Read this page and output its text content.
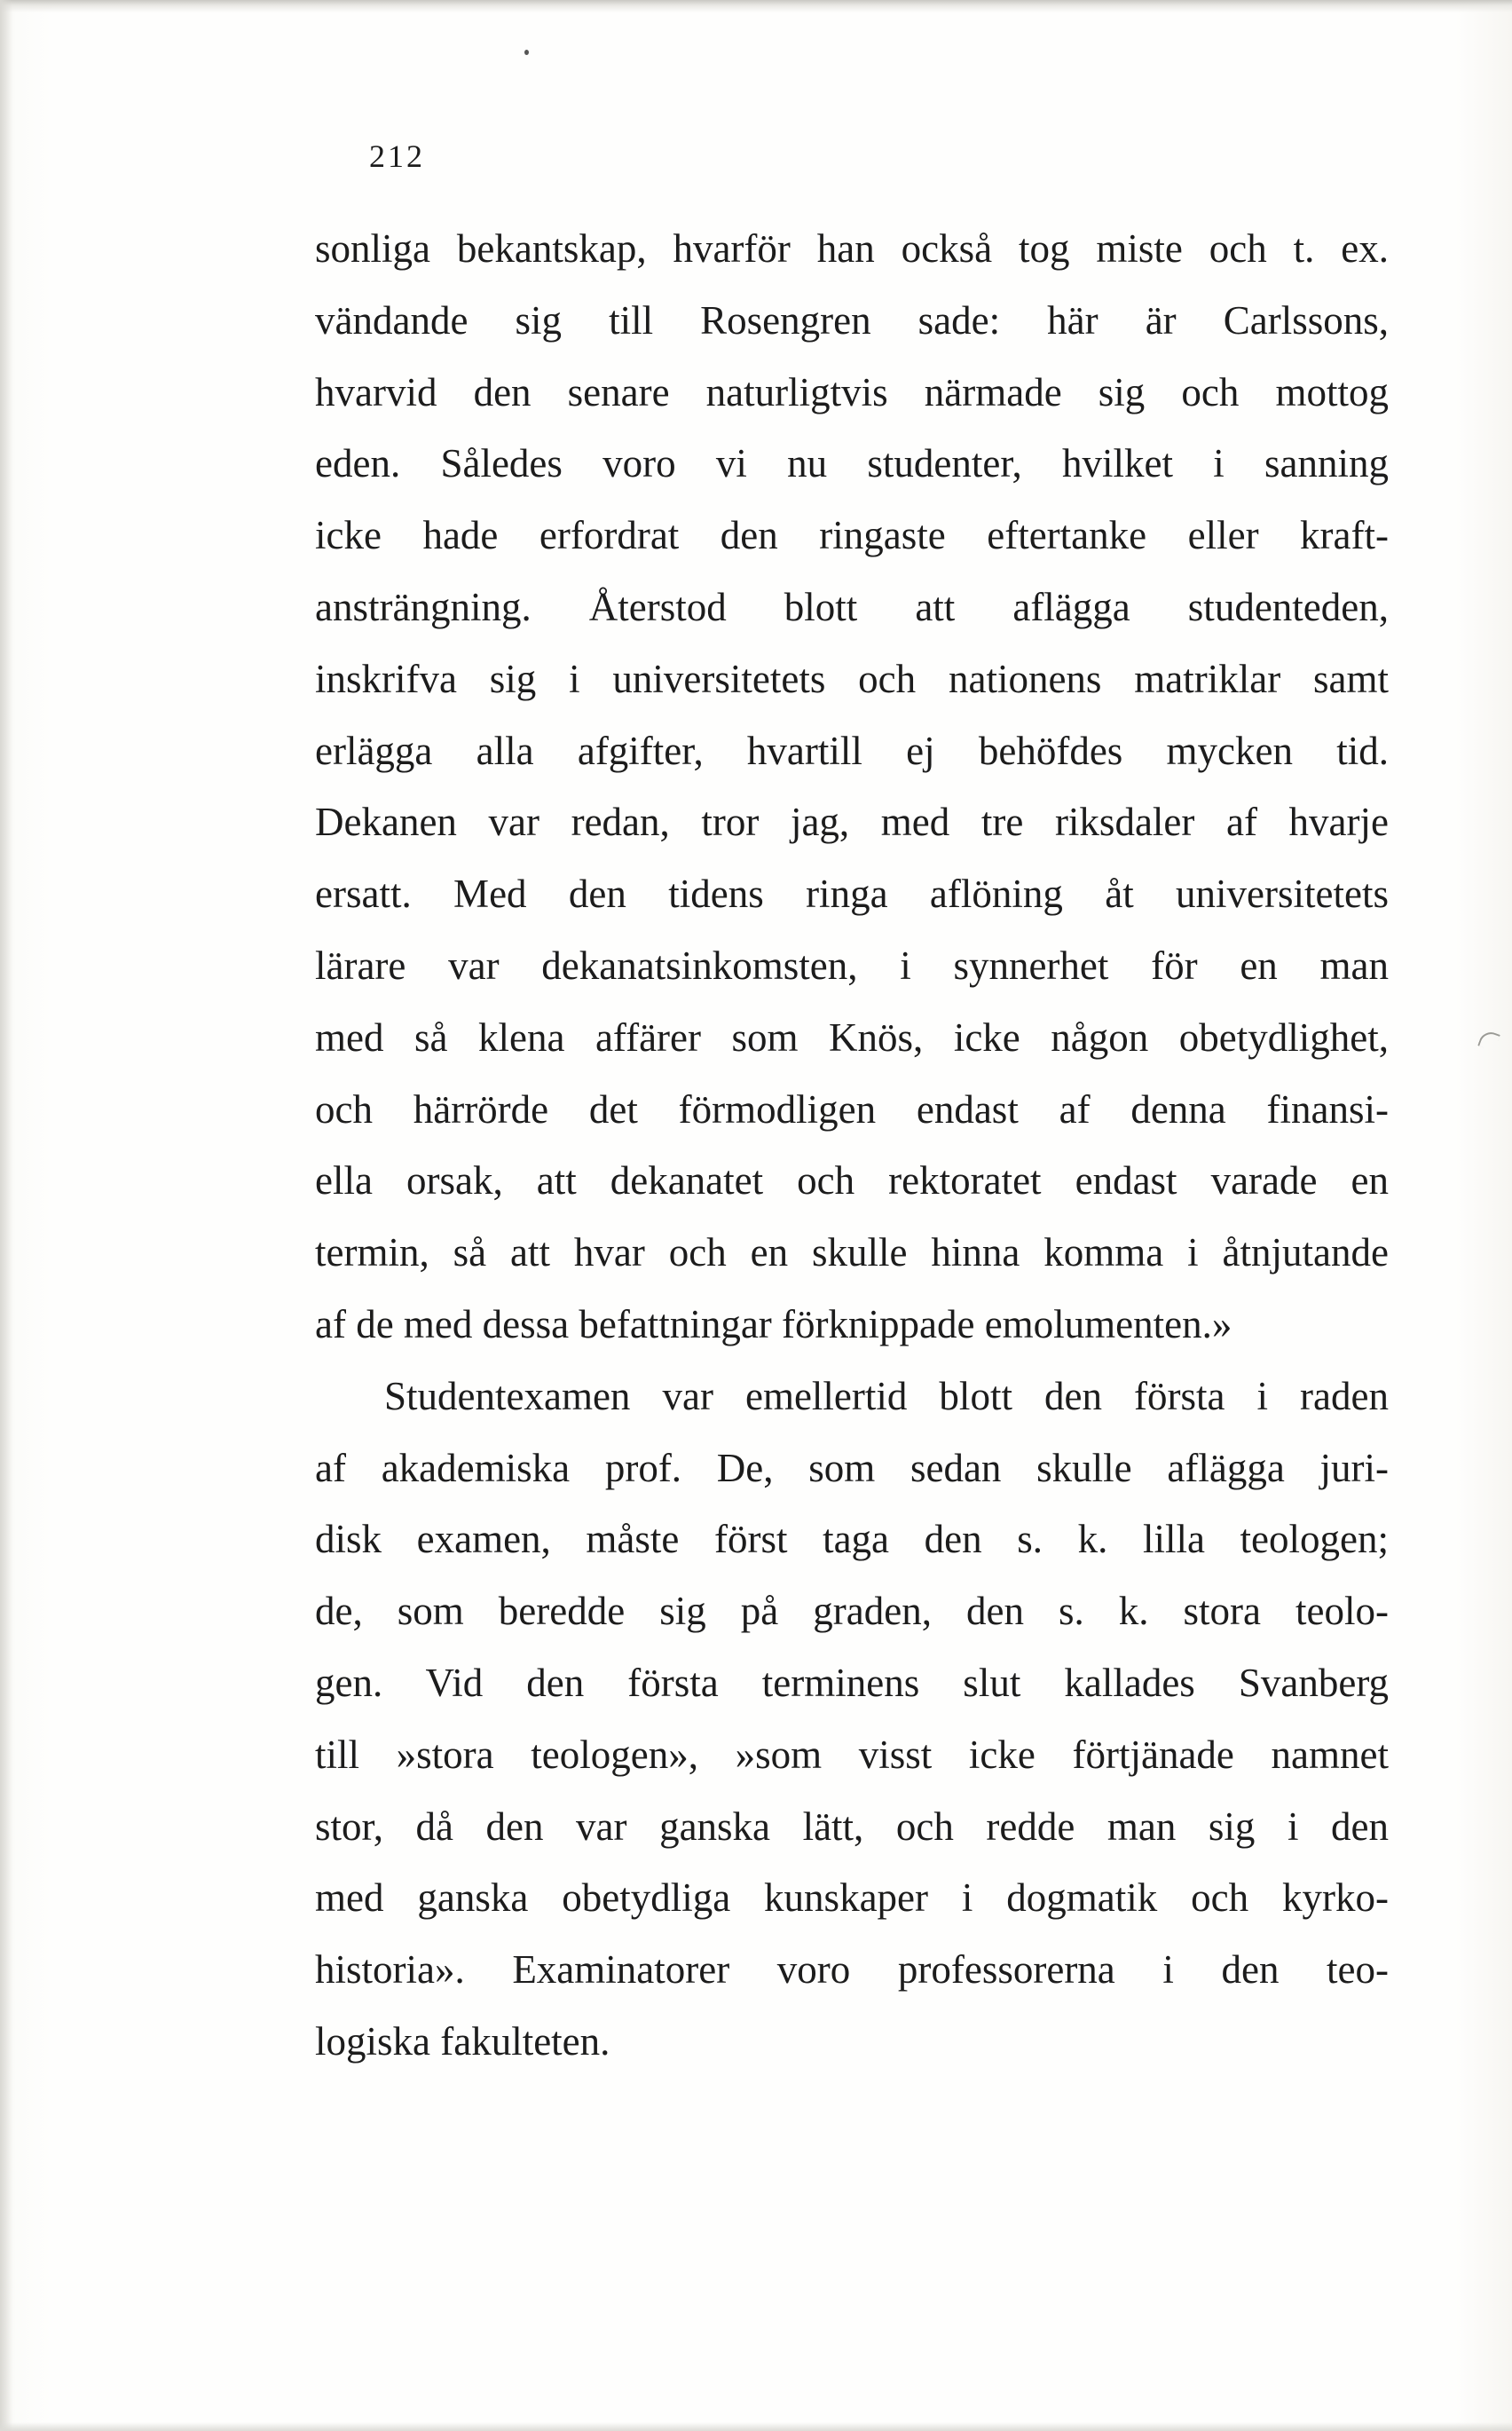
212
sonliga bekantskap, hvarför han också tog miste och t. ex.
vändande sig till Rosengren sade: här är Carlssons,
hvarvid den senare naturligtvis närmade sig och mottog
eden. Således voro vi nu studenter, hvilket i sanning
icke hade erfordrat den ringaste eftertanke eller kraft-
ansträngning. Återstod blott att aflägga studenteden,
inskrifva sig i universitetets och nationens matriklar samt
erlägga alla afgifter, hvartill ej behöfdes mycken tid.
Dekanen var redan, tror jag, med tre riksdaler af hvarje
ersatt. Med den tidens ringa aflöning åt universitetets
lärare var dekanatsinkomsten, i synnerhet för en man
med så klena affärer som Knös, icke någon obetydlighet,
och härrörde det förmodligen endast af denna finansi-
ella orsak, att dekanatet och rektoratet endast varade en
termin, så att hvar och en skulle hinna komma i åtnjutande
af de med dessa befattningar förknippade emolumenten.»
Studentexamen var emellertid blott den första i raden
af akademiska prof. De, som sedan skulle aflägga juri-
disk examen, måste först taga den s. k. lilla teologen;
de, som beredde sig på graden, den s. k. stora teolo-
gen. Vid den första terminens slut kallades Svanberg
till »stora teologen», »som visst icke förtjänade namnet
stor, då den var ganska lätt, och redde man sig i den
med ganska obetydliga kunskaper i dogmatik och kyrko-
historia». Examinatorer voro professorerna i den teo-
logiska fakulteten.
